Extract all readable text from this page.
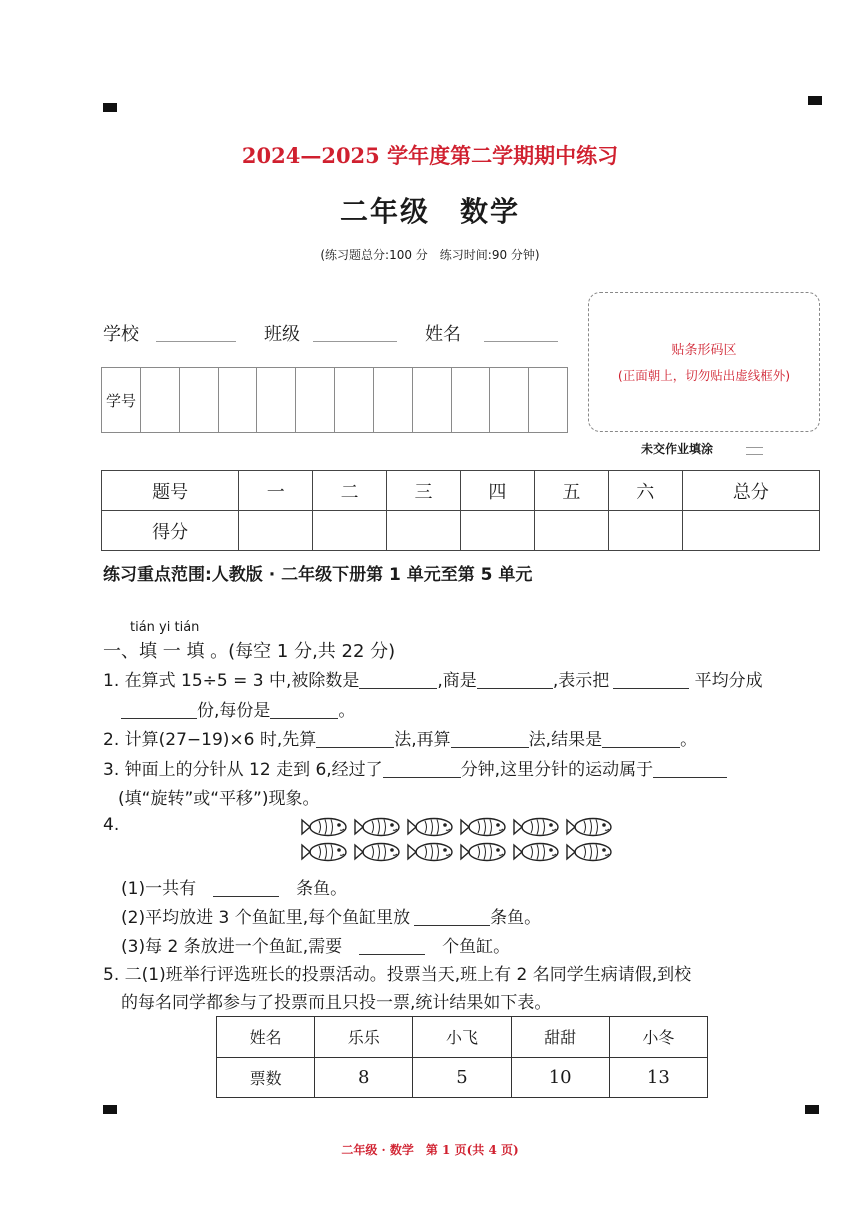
2024—2025 学年度第二学期期中练习
二年级　数学
(练习题总分:100 分　练习时间:90 分钟)
学校	班级	姓名
学号											
贴条形码区
(正面朝上，切勿贴出虚线框外)
未交作业填涂
题号	一	二	三	四	五	六	总分
得分							
练习重点范围:人教版 · 二年级下册第 1 单元至第 5 单元
tián yi tián
一、填 一 填 。(每空 1 分,共 22 分)
1. 在算式 15÷5 = 3 中,被除数是	,商是	,表示把	平均分成
份,每份是	。
2. 计算(27−19)×6 时,先算	法,再算	法,结果是	。
3. 钟面上的分针从 12 走到 6,经过了	分钟,这里分针的运动属于
(填“旋转”或“平移”)现象。
4.
(1)一共有　　	条鱼。
(2)平均放进 3 个鱼缸里,每个鱼缸里放	条鱼。
(3)每 2 条放进一个鱼缸,需要　　	个鱼缸。
5. 二(1)班举行评选班长的投票活动。投票当天,班上有 2 名同学生病请假,到校
的每名同学都参与了投票而且只投一票,统计结果如下表。
姓名	乐乐	小飞	甜甜	小冬
票数	8	5	10	13
二年级 · 数学　第 1 页(共 4 页)
